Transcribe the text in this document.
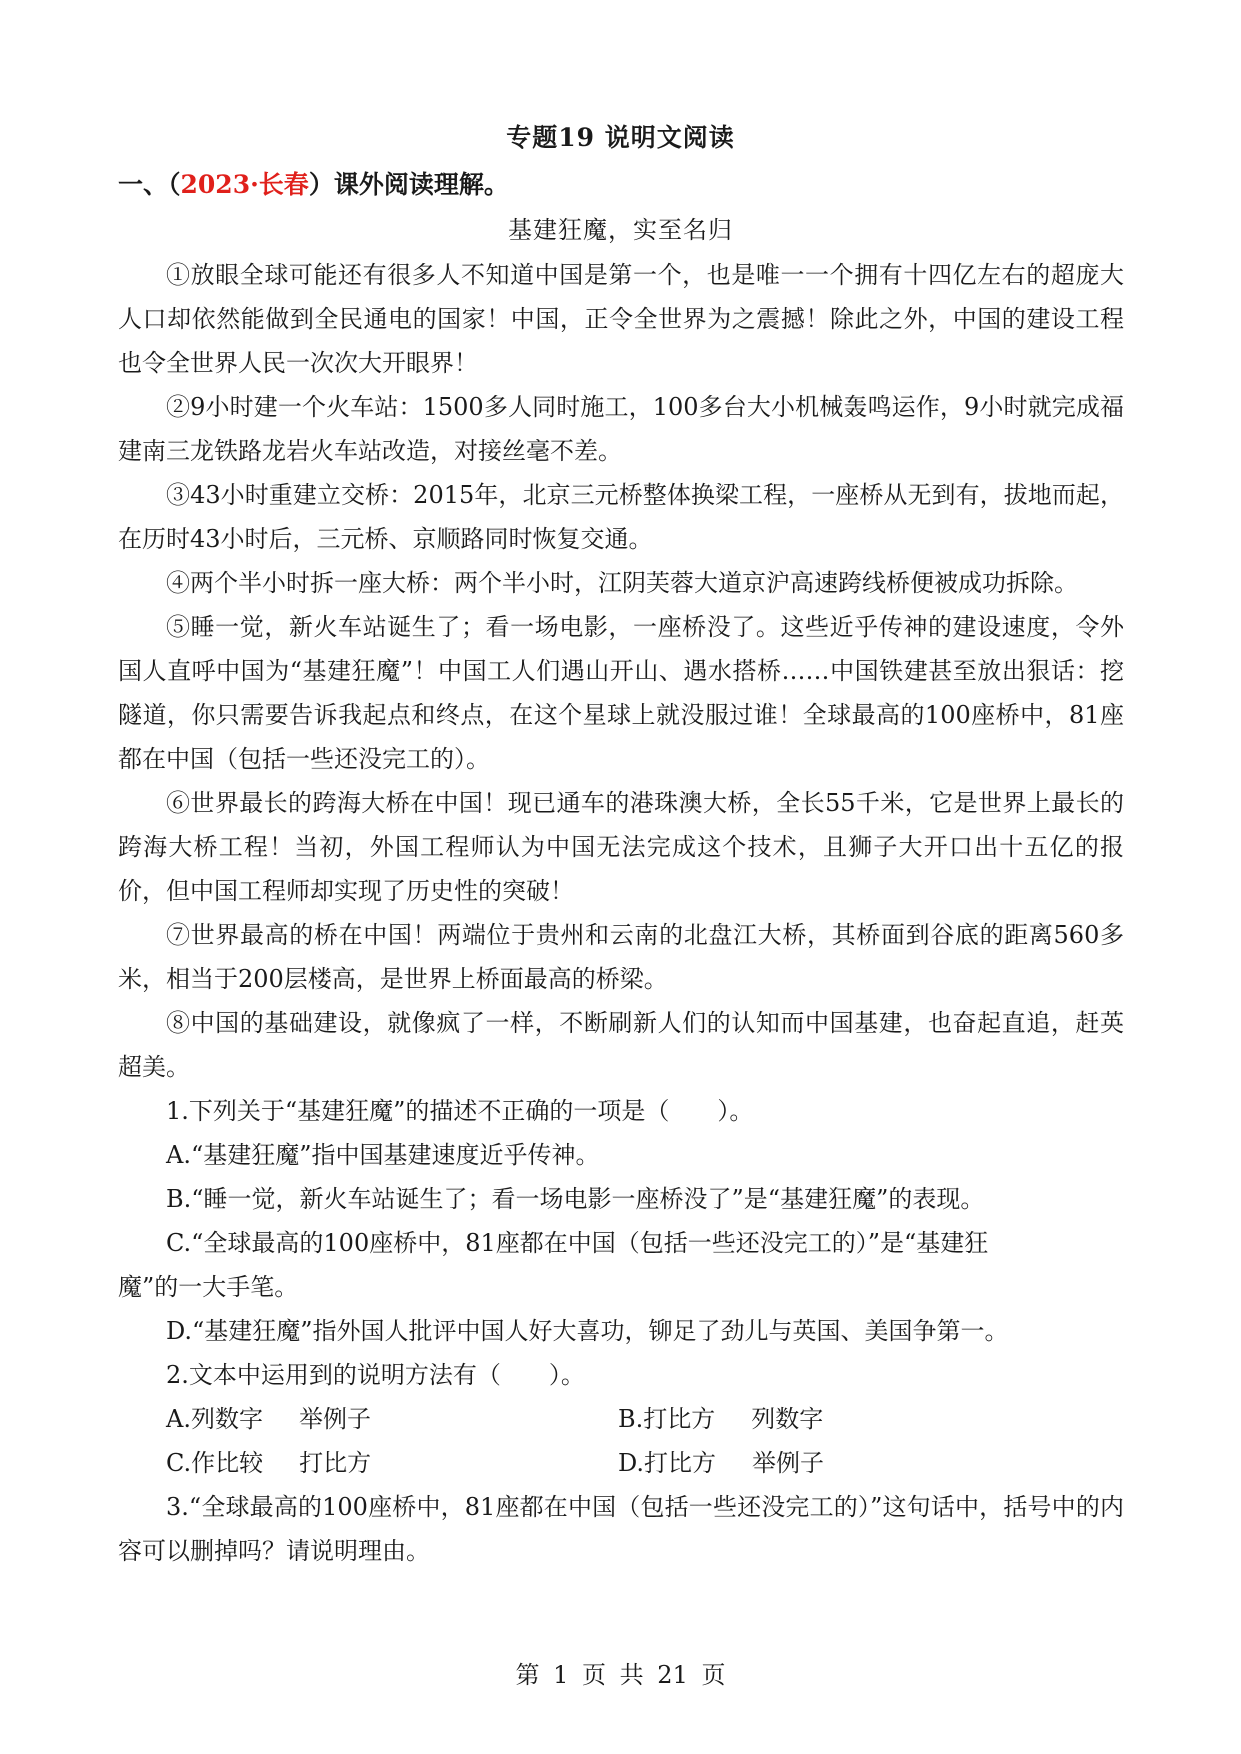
专题19 说明文阅读
一、（2023·长春）课外阅读理解。
基建狂魔，实至名归

①放眼全球可能还有很多人不知道中国是第一个，也是唯一一个拥有十四亿左右的超庞大人口却依然能做到全民通电的国家！中国，正令全世界为之震撼！除此之外，中国的建设工程也令全世界人民一次次大开眼界！

②9小时建一个火车站：1500多人同时施工，100多台大小机械轰鸣运作，9小时就完成福建南三龙铁路龙岩火车站改造，对接丝毫不差。

③43小时重建立交桥：2015年，北京三元桥整体换梁工程，一座桥从无到有，拔地而起，在历时43小时后，三元桥、京顺路同时恢复交通。

④两个半小时拆一座大桥：两个半小时，江阴芙蓉大道京沪高速跨线桥便被成功拆除。

⑤睡一觉，新火车站诞生了；看一场电影，一座桥没了。这些近乎传神的建设速度，令外国人直呼中国为“基建狂魔”！中国工人们遇山开山、遇水搭桥……中国铁建甚至放出狠话：挖隧道，你只需要告诉我起点和终点，在这个星球上就没服过谁！全球最高的100座桥中，81座都在中国（包括一些还没完工的）。

⑥世界最长的跨海大桥在中国！现已通车的港珠澳大桥，全长55千米，它是世界上最长的跨海大桥工程！当初，外国工程师认为中国无法完成这个技术，且狮子大开口出十五亿的报价，但中国工程师却实现了历史性的突破！

⑦世界最高的桥在中国！两端位于贵州和云南的北盘江大桥，其桥面到谷底的距离560多米，相当于200层楼高，是世界上桥面最高的桥梁。

⑧中国的基础建设，就像疯了一样，不断刷新人们的认知而中国基建，也奋起直追，赶英超美。

1.下列关于“基建狂魔”的描述不正确的一项是（　　）。
A.“基建狂魔”指中国基建速度近乎传神。
B.“睡一觉，新火车站诞生了；看一场电影一座桥没了”是“基建狂魔”的表现。
C.“全球最高的100座桥中，81座都在中国（包括一些还没完工的）”是“基建狂
魔”的一大手笔。
D.“基建狂魔”指外国人批评中国人好大喜功，铆足了劲儿与英国、美国争第一。
2.文本中运用到的说明方法有（　　）。
A.列数字 举例子	B.打比方 列数字
C.作比较 打比方	D.打比方 举例子

3.“全球最高的100座桥中，81座都在中国（包括一些还没完工的）”这句话中，括号中的内容可以删掉吗？请说明理由。

第 1 页 共 21 页
